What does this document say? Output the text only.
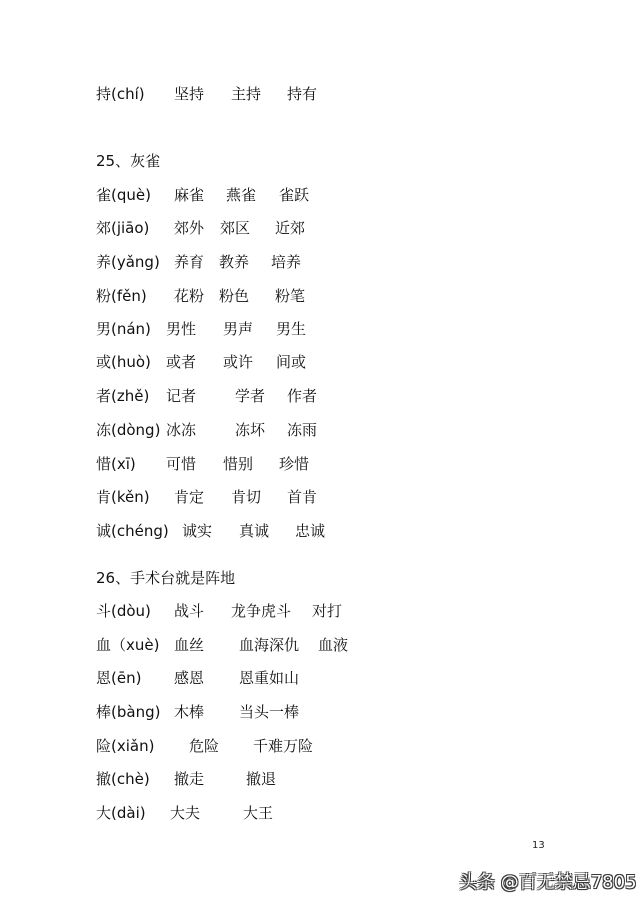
持(chí) 坚持 主持 持有
25、灰雀
雀(què) 麻雀 燕雀 雀跃
郊(jiāo) 郊外 郊区 近郊
养(yǎng) 养育 教养 培养
粉(fěn) 花粉 粉色 粉笔
男(nán) 男性 男声 男生
或(huò) 或者 或许 间或
者(zhě) 记者	学者 作者
冻(dòng) 冰冻	冻坏 冻雨
惜(xī) 可惜 惜别 珍惜
肯(kěn) 肯定 肯切 首肯
诚(chéng) 诚实 真诚 忠诚
26、手术台就是阵地
斗(dòu) 战斗 龙争虎斗 对打
血（xuè) 血丝 血海深仇 血液
恩(ēn) 感恩 恩重如山
棒(bàng) 木棒 当头一棒
险(xiǎn) 危险 千难万险
撤(chè) 撤走	撤退
大(dài) 大夫	大王
13
头条 @百无禁忌7805
